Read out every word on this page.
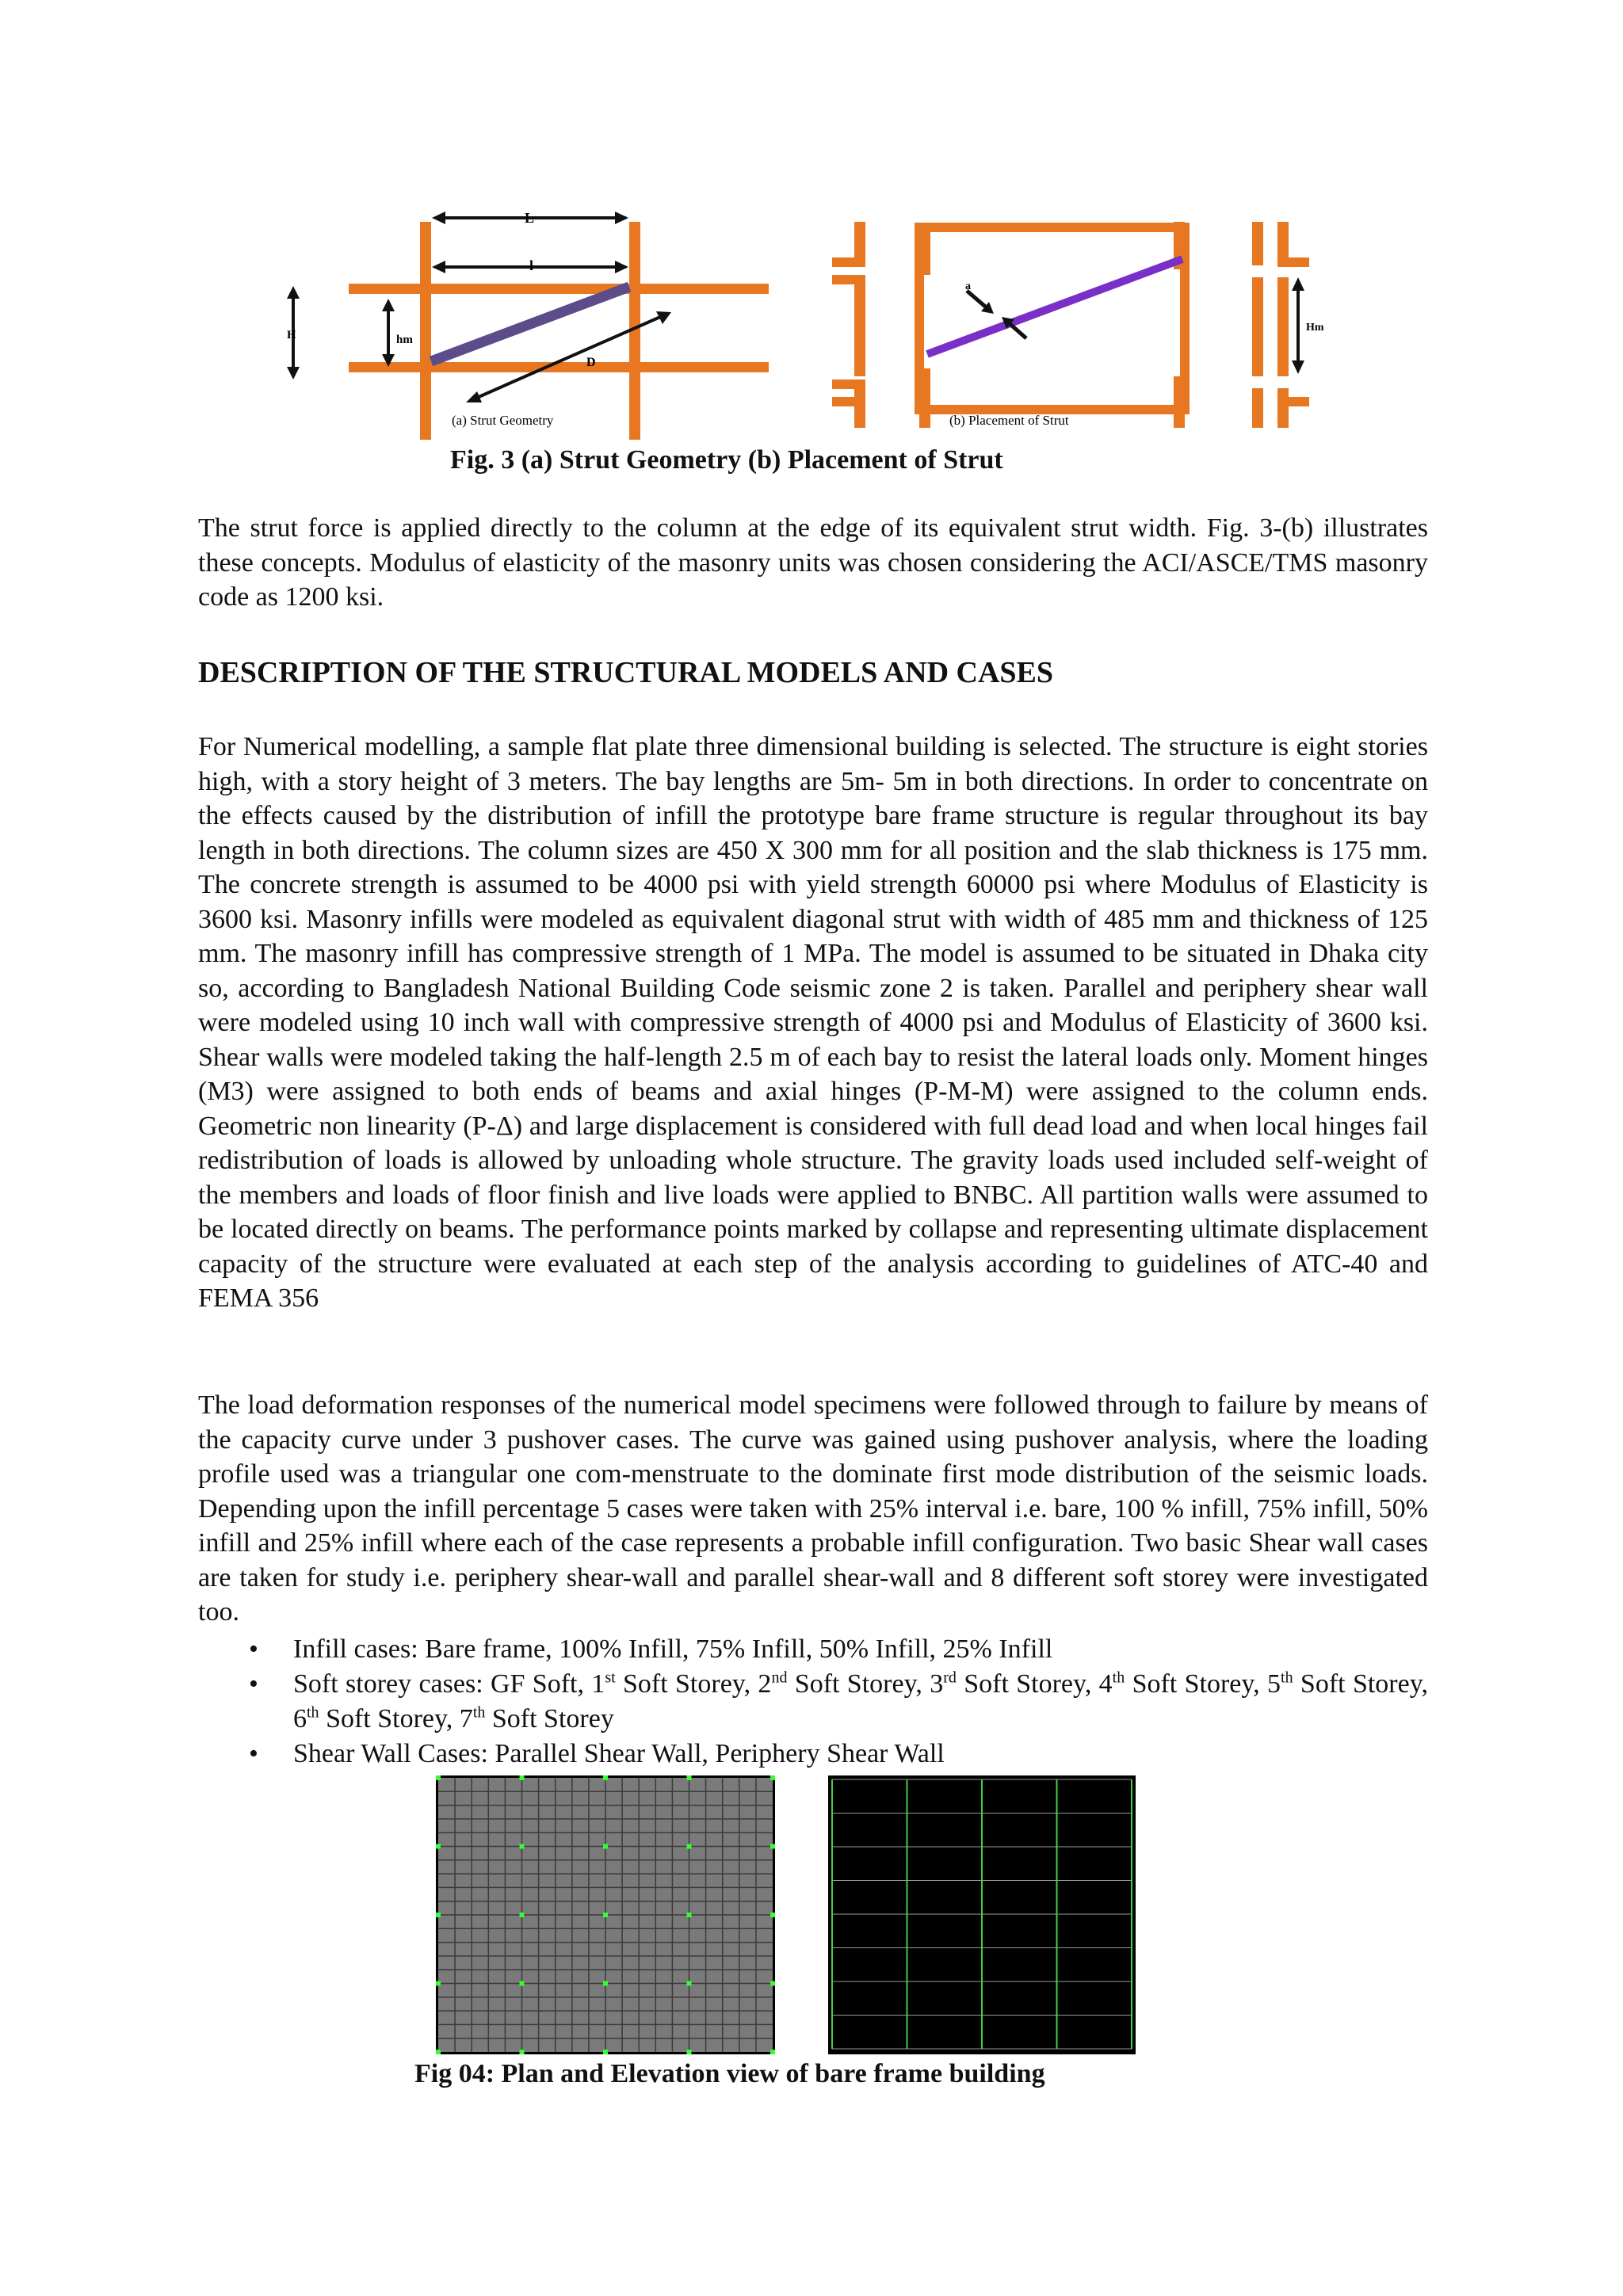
L
l
H	hm
D
(a) Strut Geometry
a
Hm
(b) Placement of Strut
Fig. 3 (a) Strut Geometry (b) Placement of Strut

The strut force is applied directly to the column at the edge of its equivalent strut width. Fig. 3-(b) illustrates these concepts. Modulus of elasticity of the masonry units was chosen considering the ACI/ASCE/TMS masonry code as 1200 ksi.

DESCRIPTION OF THE STRUCTURAL MODELS AND CASES

For Numerical modelling, a sample flat plate three dimensional building is selected. The structure is eight stories high, with a story height of 3 meters. The bay lengths are 5m- 5m in both directions. In order to concentrate on the effects caused by the distribution of infill the prototype bare frame structure is regular throughout its bay length in both directions. The column sizes are 450 X 300 mm for all position and the slab thickness is 175 mm. The concrete strength is assumed to be 4000 psi with yield strength 60000 psi where Modulus of Elasticity is 3600 ksi. Masonry infills were modeled as equivalent diagonal strut with width of 485 mm and thickness of 125 mm. The masonry infill has compressive strength of 1 MPa. The model is assumed to be situated in Dhaka city so, according to Bangladesh National Building Code seismic zone 2 is taken. Parallel and periphery shear wall were modeled using 10 inch wall with compressive strength of 4000 psi and Modulus of Elasticity of 3600 ksi. Shear walls were modeled taking the half-length 2.5 m of each bay to resist the lateral loads only. Moment hinges (M3) were assigned to both ends of beams and axial hinges (P-M-M) were assigned to the column ends. Geometric non linearity (P-Δ) and large displacement is considered with full dead load and when local hinges fail redistribution of loads is allowed by unloading whole structure. The gravity loads used included self-weight of the members and loads of floor finish and live loads were applied to BNBC. All partition walls were assumed to be located directly on beams. The performance points marked by collapse and representing ultimate displacement capacity of the structure were evaluated at each step of the analysis according to guidelines of ATC-40 and FEMA 356

The load deformation responses of the numerical model specimens were followed through to failure by means of the capacity curve under 3 pushover cases. The curve was gained using pushover analysis, where the loading profile used was a triangular one com-menstruate to the dominate first mode distribution of the seismic loads. Depending upon the infill percentage 5 cases were taken with 25% interval i.e. bare, 100 % infill, 75% infill, 50% infill and 25% infill where each of the case represents a probable infill configuration. Two basic Shear wall cases are taken for study i.e. periphery shear-wall and parallel shear-wall and 8 different soft storey were investigated too.

• Infill cases: Bare frame, 100% Infill, 75% Infill, 50% Infill, 25% Infill
• Soft storey cases: GF Soft, 1st Soft Storey, 2nd Soft Storey, 3rd Soft Storey, 4th Soft Storey, 5th Soft Storey, 6th Soft Storey, 7th Soft Storey
• Shear Wall Cases: Parallel Shear Wall, Periphery Shear Wall
Fig 04: Plan and Elevation view of bare frame building
